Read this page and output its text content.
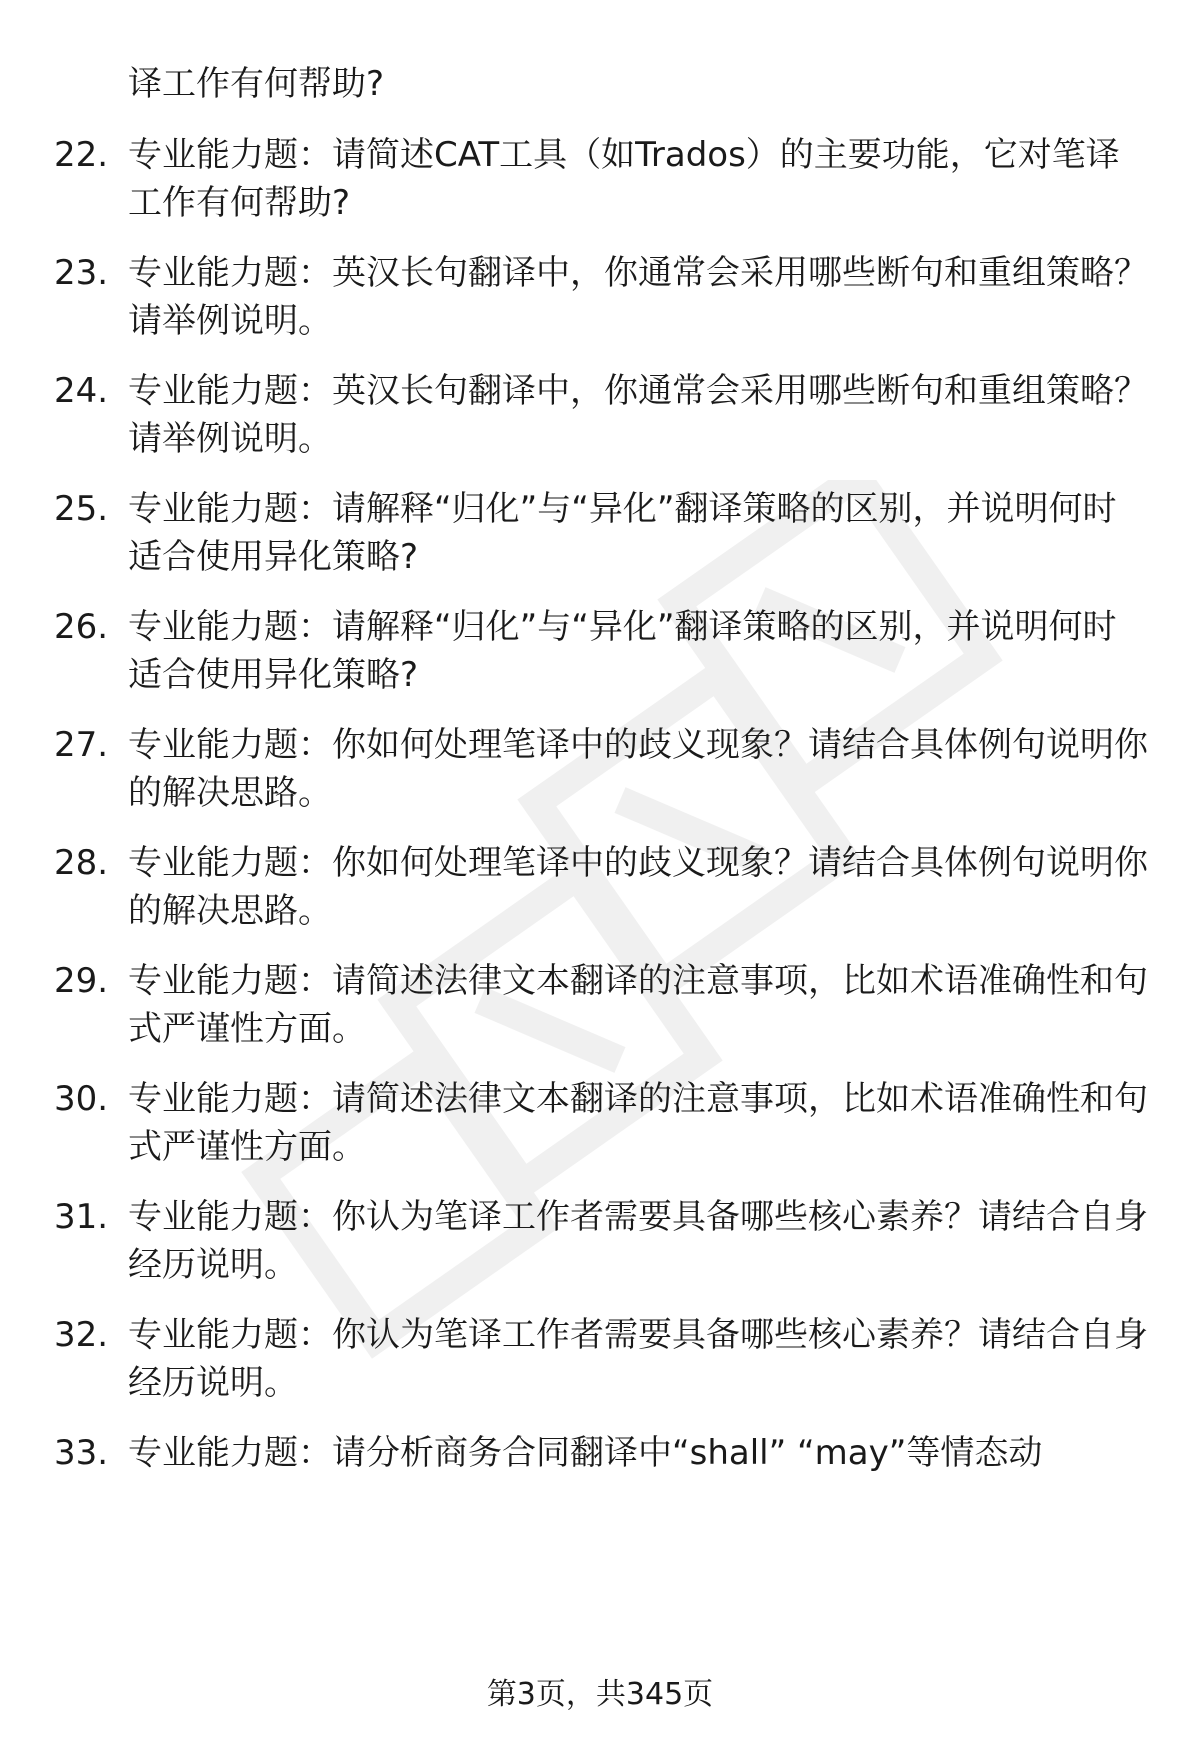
译工作有何帮助?
22. 专业能力题：请简述CAT工具（如Trados）的主要功能，它对笔译工作有何帮助?
23. 专业能力题：英汉长句翻译中，你通常会采用哪些断句和重组策略？请举例说明。
24. 专业能力题：英汉长句翻译中，你通常会采用哪些断句和重组策略？请举例说明。
25. 专业能力题：请解释“归化”与“异化”翻译策略的区别，并说明何时适合使用异化策略?
26. 专业能力题：请解释“归化”与“异化”翻译策略的区别，并说明何时适合使用异化策略?
27. 专业能力题：你如何处理笔译中的歧义现象？请结合具体例句说明你的解决思路。
28. 专业能力题：你如何处理笔译中的歧义现象？请结合具体例句说明你的解决思路。
29. 专业能力题：请简述法律文本翻译的注意事项，比如术语准确性和句式严谨性方面。
30. 专业能力题：请简述法律文本翻译的注意事项，比如术语准确性和句式严谨性方面。
31. 专业能力题：你认为笔译工作者需要具备哪些核心素养？请结合自身经历说明。
32. 专业能力题：你认为笔译工作者需要具备哪些核心素养？请结合自身经历说明。
33. 专业能力题：请分析商务合同翻译中“shall” “may”等情态动
第3页，共345页
